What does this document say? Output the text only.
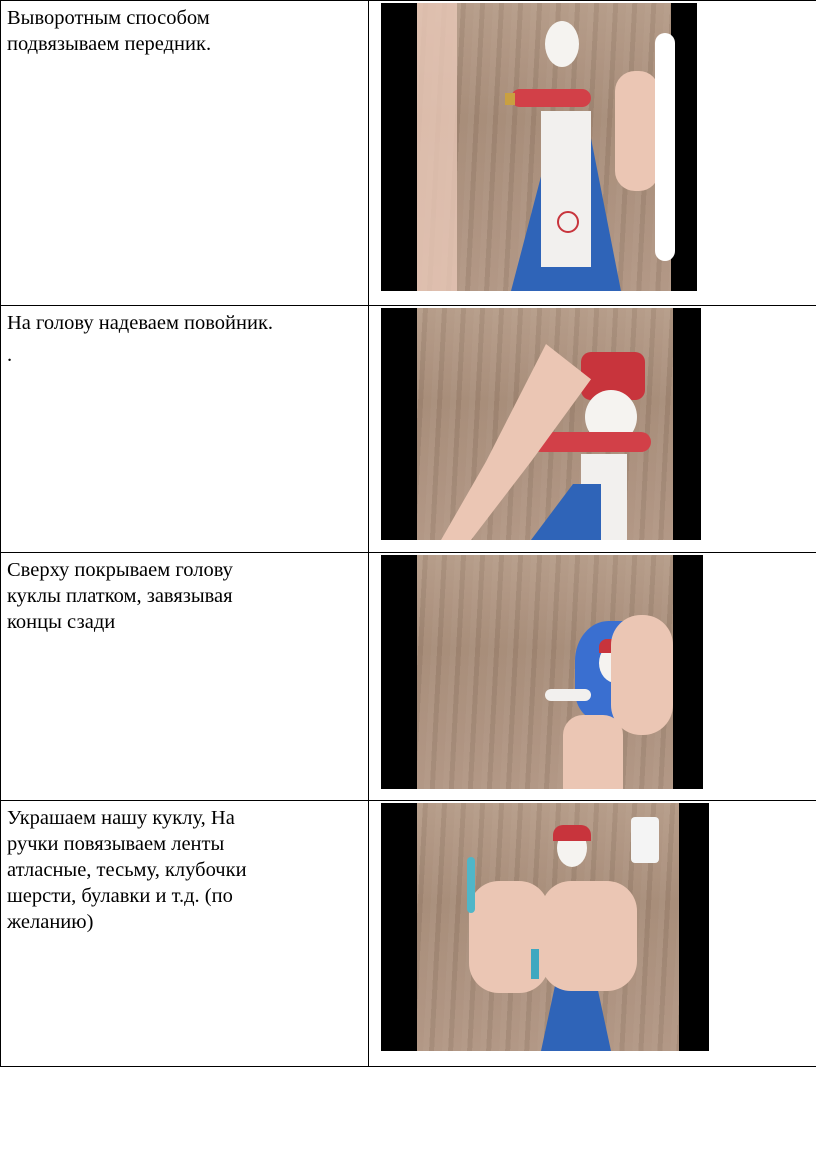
Выворотным способом

подвязываем передник.	

На голову надеваем повойник.

.	

Сверху покрываем голову

куклы платком, завязывая

концы сзади	

Украшаем нашу куклу, На

ручки повязываем ленты

атласные, тесьму, клубочки

шерсти, булавки и т.д. (по

желанию)	
